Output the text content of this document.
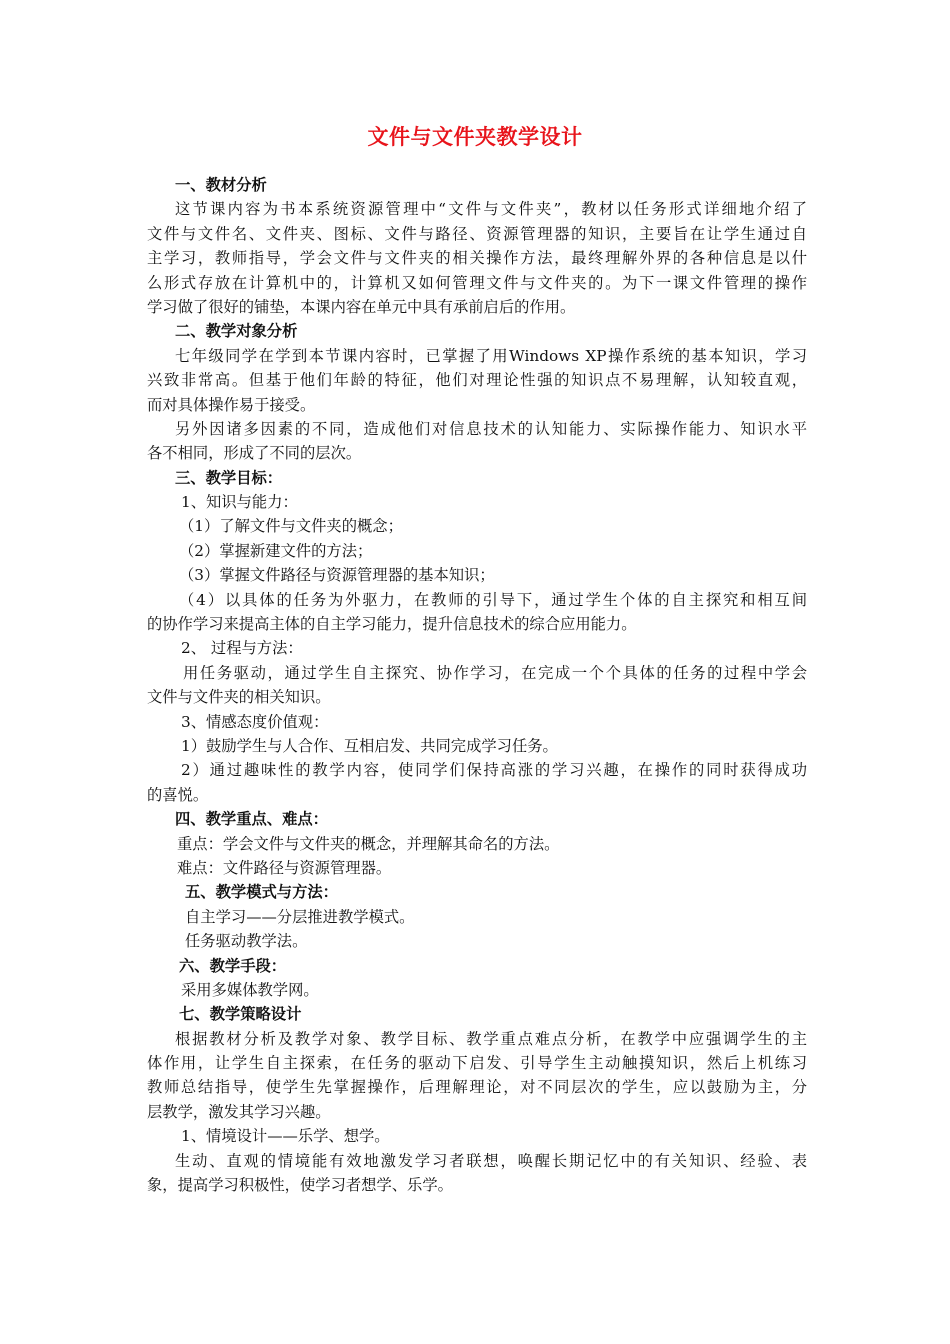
文件与文件夹教学设计
一、教材分析
这节课内容为书本系统资源管理中“文件与文件夹”，教材以任务形式详细地介绍了
文件与文件名、文件夹、图标、文件与路径、资源管理器的知识，主要旨在让学生通过自
主学习，教师指导，学会文件与文件夹的相关操作方法，最终理解外界的各种信息是以什
么形式存放在计算机中的，计算机又如何管理文件与文件夹的。为下一课文件管理的操作
学习做了很好的铺垫，本课内容在单元中具有承前启后的作用。
二、教学对象分析
七年级同学在学到本节课内容时，已掌握了用Windows XP操作系统的基本知识，学习
兴致非常高。但基于他们年龄的特征，他们对理论性强的知识点不易理解，认知较直观，
而对具体操作易于接受。
另外因诸多因素的不同，造成他们对信息技术的认知能力、实际操作能力、知识水平
各不相同，形成了不同的层次。
三、教学目标：
1、知识与能力：
（1）了解文件与文件夹的概念；
（2）掌握新建文件的方法；
（3）掌握文件路径与资源管理器的基本知识；
（4）以具体的任务为外驱力，在教师的引导下，通过学生个体的自主探究和相互间
的协作学习来提高主体的自主学习能力，提升信息技术的综合应用能力。
2、 过程与方法：
用任务驱动，通过学生自主探究、协作学习，在完成一个个具体的任务的过程中学会
文件与文件夹的相关知识。
3、情感态度价值观：
1）鼓励学生与人合作、互相启发、共同完成学习任务。
2）通过趣味性的教学内容，使同学们保持高涨的学习兴趣，在操作的同时获得成功
的喜悦。
四、教学重点、难点：
重点：学会文件与文件夹的概念，并理解其命名的方法。
难点：文件路径与资源管理器。
五、教学模式与方法：
自主学习——分层推进教学模式。
任务驱动教学法。
六、教学手段：
采用多媒体教学网。
七、教学策略设计
根据教材分析及教学对象、教学目标、教学重点难点分析，在教学中应强调学生的主
体作用，让学生自主探索，在任务的驱动下启发、引导学生主动触摸知识，然后上机练习
教师总结指导，使学生先掌握操作，后理解理论，对不同层次的学生，应以鼓励为主，分
层教学，激发其学习兴趣。
1、情境设计——乐学、想学。
生动、直观的情境能有效地激发学习者联想，唤醒长期记忆中的有关知识、经验、表
象，提高学习积极性，使学习者想学、乐学。
